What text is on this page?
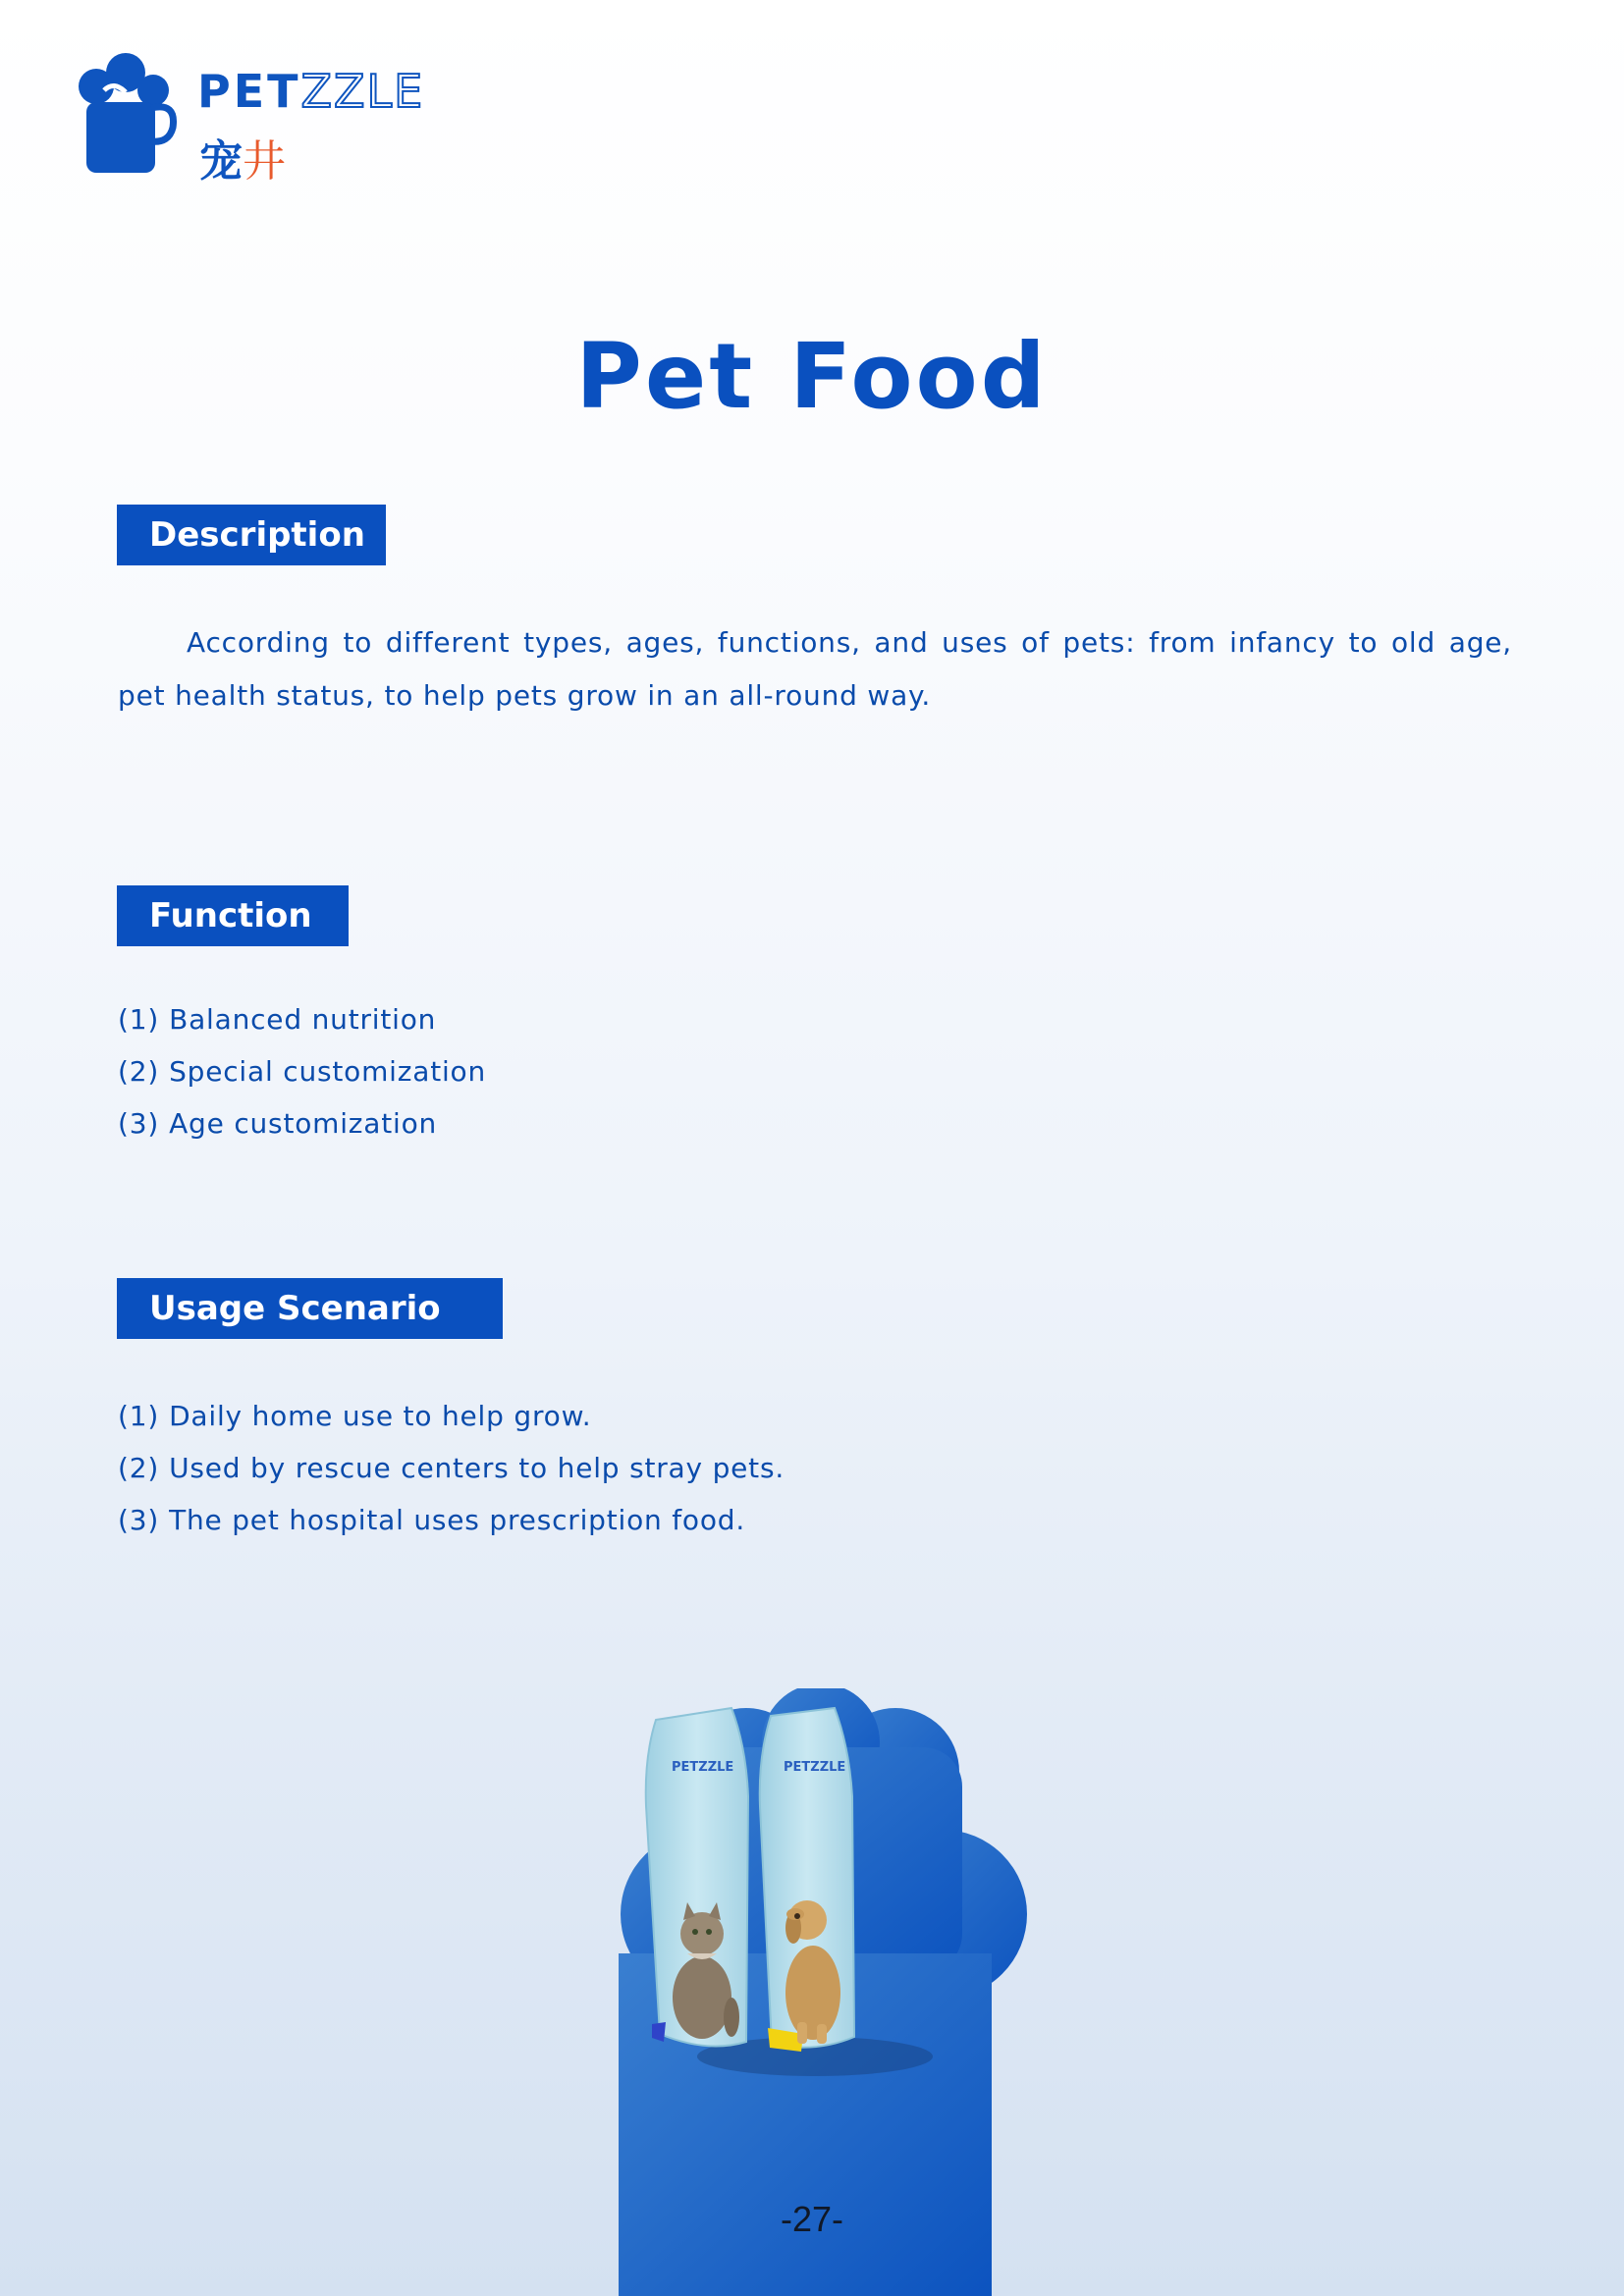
PETZZLE
宠井
Pet Food
Description

According to different types, ages, functions, and uses of pets: from infancy to old age, pet health status, to help pets grow in an all-round way.

Function
(1) Balanced nutrition
(2) Special customization
(3) Age customization
Usage Scenario
(1) Daily home use to help grow.
(2) Used by rescue centers to help stray pets.
(3) The pet hospital uses prescription food.
PETZZLE	PETZZLE
-27-
